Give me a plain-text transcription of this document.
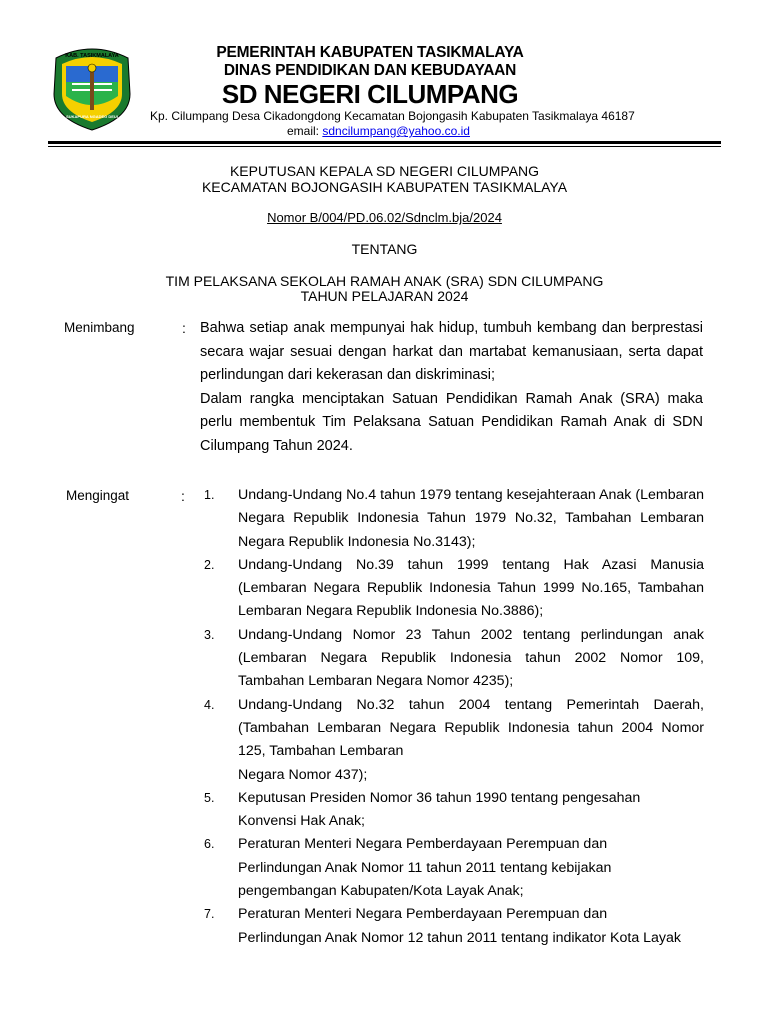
KAB. TASIKMALAYA
SUKAPURA NGADEG DEUI
PEMERINTAH KABUPATEN TASIKMALAYA
DINAS PENDIDIKAN DAN KEBUDAYAAN
SD NEGERI CILUMPANG
Kp. Cilumpang Desa Cikadongdong Kecamatan Bojongasih Kabupaten Tasikmalaya 46187
email: sdncilumpang@yahoo.co.id
KEPUTUSAN KEPALA SD NEGERI CILUMPANG
KECAMATAN BOJONGASIH KABUPATEN TASIKMALAYA
Nomor B/004/PD.06.02/Sdnclm.bja/2024
TENTANG
TIM PELAKSANA SEKOLAH RAMAH ANAK (SRA) SDN CILUMPANG
TAHUN PELAJARAN 2024
Menimbang	: Bahwa setiap anak mempunyai hak hidup, tumbuh kembang dan berprestasi secara wajar sesuai dengan harkat dan martabat kemanusiaan, serta dapat perlindungan dari kekerasan dan diskriminasi;

Dalam rangka menciptakan Satuan Pendidikan Ramah Anak (SRA) maka perlu membentuk Tim Pelaksana Satuan Pendidikan Ramah Anak di SDN Cilumpang Tahun 2024.

Mengingat	: 1. Undang-Undang No.4 tahun 1979 tentang kesejahteraan Anak (Lembaran Negara Republik Indonesia Tahun 1979 No.32, Tambahan Lembaran Negara Republik Indonesia No.3143);
2. Undang-Undang No.39 tahun 1999 tentang Hak Azasi Manusia (Lembaran Negara Republik Indonesia Tahun 1999 No.165, Tambahan Lembaran Negara Republik Indonesia No.3886);
3. Undang-Undang Nomor 23 Tahun 2002 tentang perlindungan anak (Lembaran Negara Republik Indonesia tahun 2002 Nomor 109, Tambahan Lembaran Negara Nomor 4235);
4. Undang-Undang No.32 tahun 2004 tentang Pemerintah Daerah, (Tambahan Lembaran Negara Republik Indonesia tahun 2004 Nomor 125, Tambahan Lembaran
Negara Nomor 437);
5. Keputusan Presiden Nomor 36 tahun 1990 tentang pengesahan
Konvensi Hak Anak;
6. Peraturan Menteri Negara Pemberdayaan Perempuan dan
Perlindungan Anak Nomor 11 tahun 2011 tentang kebijakan
pengembangan Kabupaten/Kota Layak Anak;
7. Peraturan Menteri Negara Pemberdayaan Perempuan dan
Perlindungan Anak Nomor 12 tahun 2011 tentang indikator Kota Layak
